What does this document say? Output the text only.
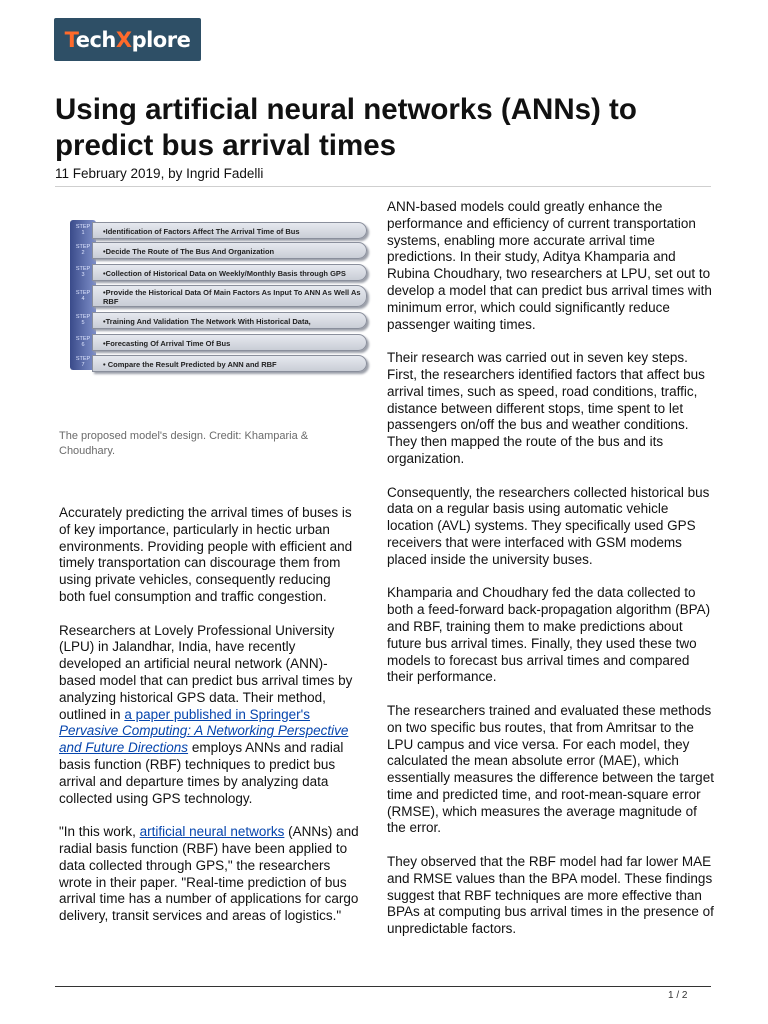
TechXplore
Using artificial neural networks (ANNs) to predict bus arrival times
11 February 2019, by Ingrid Fadelli
STEP
1
STEP
2
STEP
3
STEP
4
STEP
5
STEP
6
STEP
7
•Identification of Factors Affect The Arrival Time of Bus
•Decide The Route of The Bus And Organization
•Collection of Historical Data on Weekly/Monthly Basis through GPS
•Provide the Historical Data Of Main Factors As Input To ANN As Well As RBF
•Training And Validation The Network With Historical Data,
•Forecasting Of Arrival Time Of Bus
• Compare the Result Predicted by ANN and RBF

The proposed model's design. Credit: Khamparia & Choudhary.

Accurately predicting the arrival times of buses is of key importance, particularly in hectic urban environments. Providing people with efficient and timely transportation can discourage them from using private vehicles, consequently reducing both fuel consumption and traffic congestion.

Researchers at Lovely Professional University (LPU) in Jalandhar, India, have recently developed an artificial neural network (ANN)-based model that can predict bus arrival times by analyzing historical GPS data. Their method, outlined in a paper published in Springer's Pervasive Computing: A Networking Perspective and Future Directions employs ANNs and radial basis function (RBF) techniques to predict bus arrival and departure times by analyzing data collected using GPS technology.

"In this work, artificial neural networks (ANNs) and radial basis function (RBF) have been applied to data collected through GPS," the researchers wrote in their paper. "Real-time prediction of bus arrival time has a number of applications for cargo delivery, transit services and areas of logistics."

ANN-based models could greatly enhance the performance and efficiency of current transportation systems, enabling more accurate arrival time predictions. In their study, Aditya Khamparia and Rubina Choudhary, two researchers at LPU, set out to develop a model that can predict bus arrival times with minimum error, which could significantly reduce passenger waiting times.

Their research was carried out in seven key steps. First, the researchers identified factors that affect bus arrival times, such as speed, road conditions, traffic, distance between different stops, time spent to let passengers on/off the bus and weather conditions. They then mapped the route of the bus and its organization.

Consequently, the researchers collected historical bus data on a regular basis using automatic vehicle location (AVL) systems. They specifically used GPS receivers that were interfaced with GSM modems placed inside the university buses.

Khamparia and Choudhary fed the data collected to both a feed-forward back-propagation algorithm (BPA) and RBF, training them to make predictions about future bus arrival times. Finally, they used these two models to forecast bus arrival times and compared their performance.

The researchers trained and evaluated these methods on two specific bus routes, that from Amritsar to the LPU campus and vice versa. For each model, they calculated the mean absolute error (MAE), which essentially measures the difference between the target time and predicted time, and root-mean-square error (RMSE), which measures the average magnitude of the error.

They observed that the RBF model had far lower MAE and RMSE values than the BPA model. These findings suggest that RBF techniques are more effective than BPAs at computing bus arrival times in the presence of unpredictable factors.

1 / 2
